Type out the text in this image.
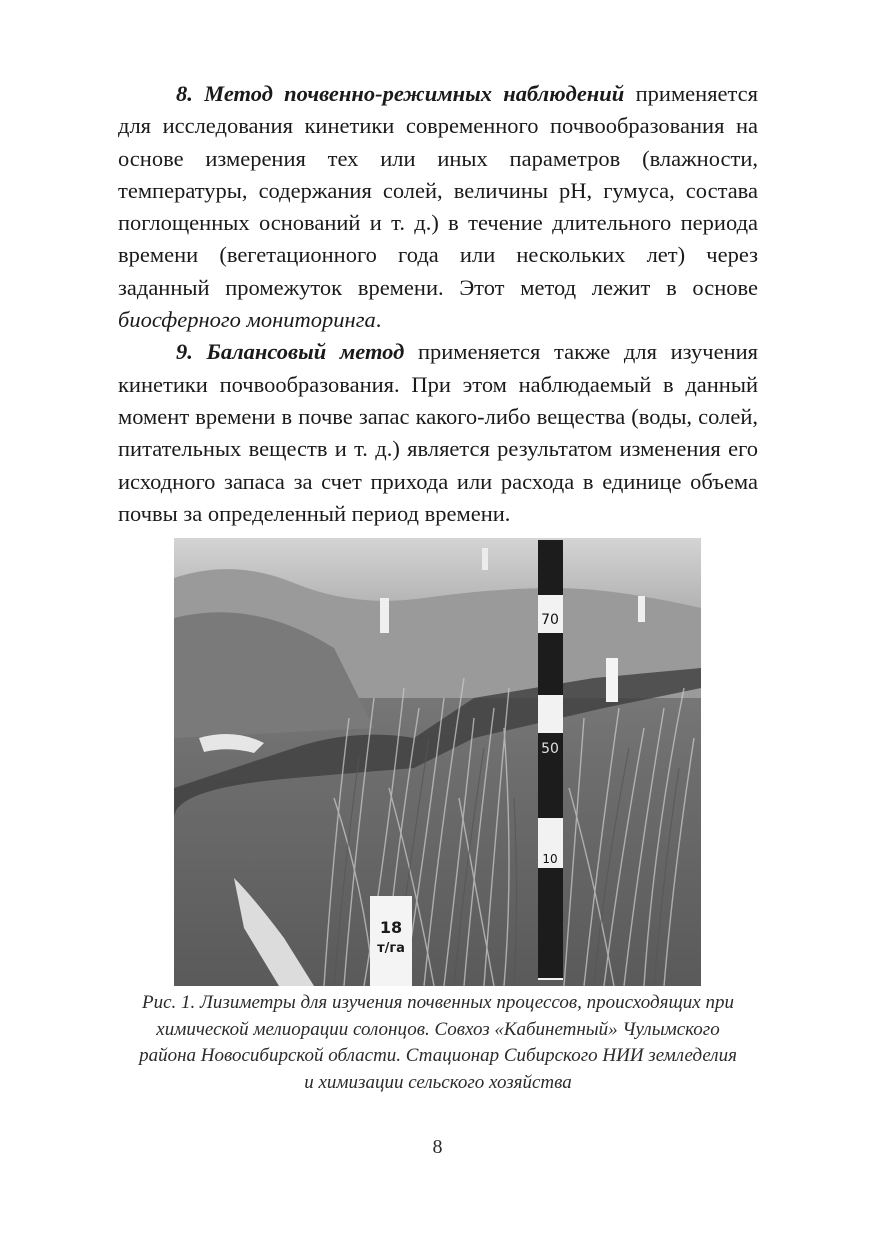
8. Метод почвенно-режимных наблюдений применяется для исследования кинетики современного почвообразования на основе измерения тех или иных параметров (влажности, температуры, содержания солей, величины рН, гумуса, состава поглощенных оснований и т. д.) в течение длительного периода времени (вегетационного года или нескольких лет) через заданный промежуток времени. Этот метод лежит в основе биосферного мониторинга.

9. Балансовый метод применяется также для изучения кинетики почвообразования. При этом наблюдаемый в данный момент времени в почве запас какого-либо вещества (воды, солей, питательных веществ и т. д.) является результатом изменения его исходного запаса за счет прихода или расхода в единице объема почвы за определенный период времени.

70
50
10
18
т/га
Рис. 1. Лизиметры для изучения почвенных процессов, происходящих при химической мелиорации солонцов. Совхоз «Кабинетный» Чулымского района Новосибирской области. Стационар Сибирского НИИ земледелия и химизации сельского хозяйства
8
